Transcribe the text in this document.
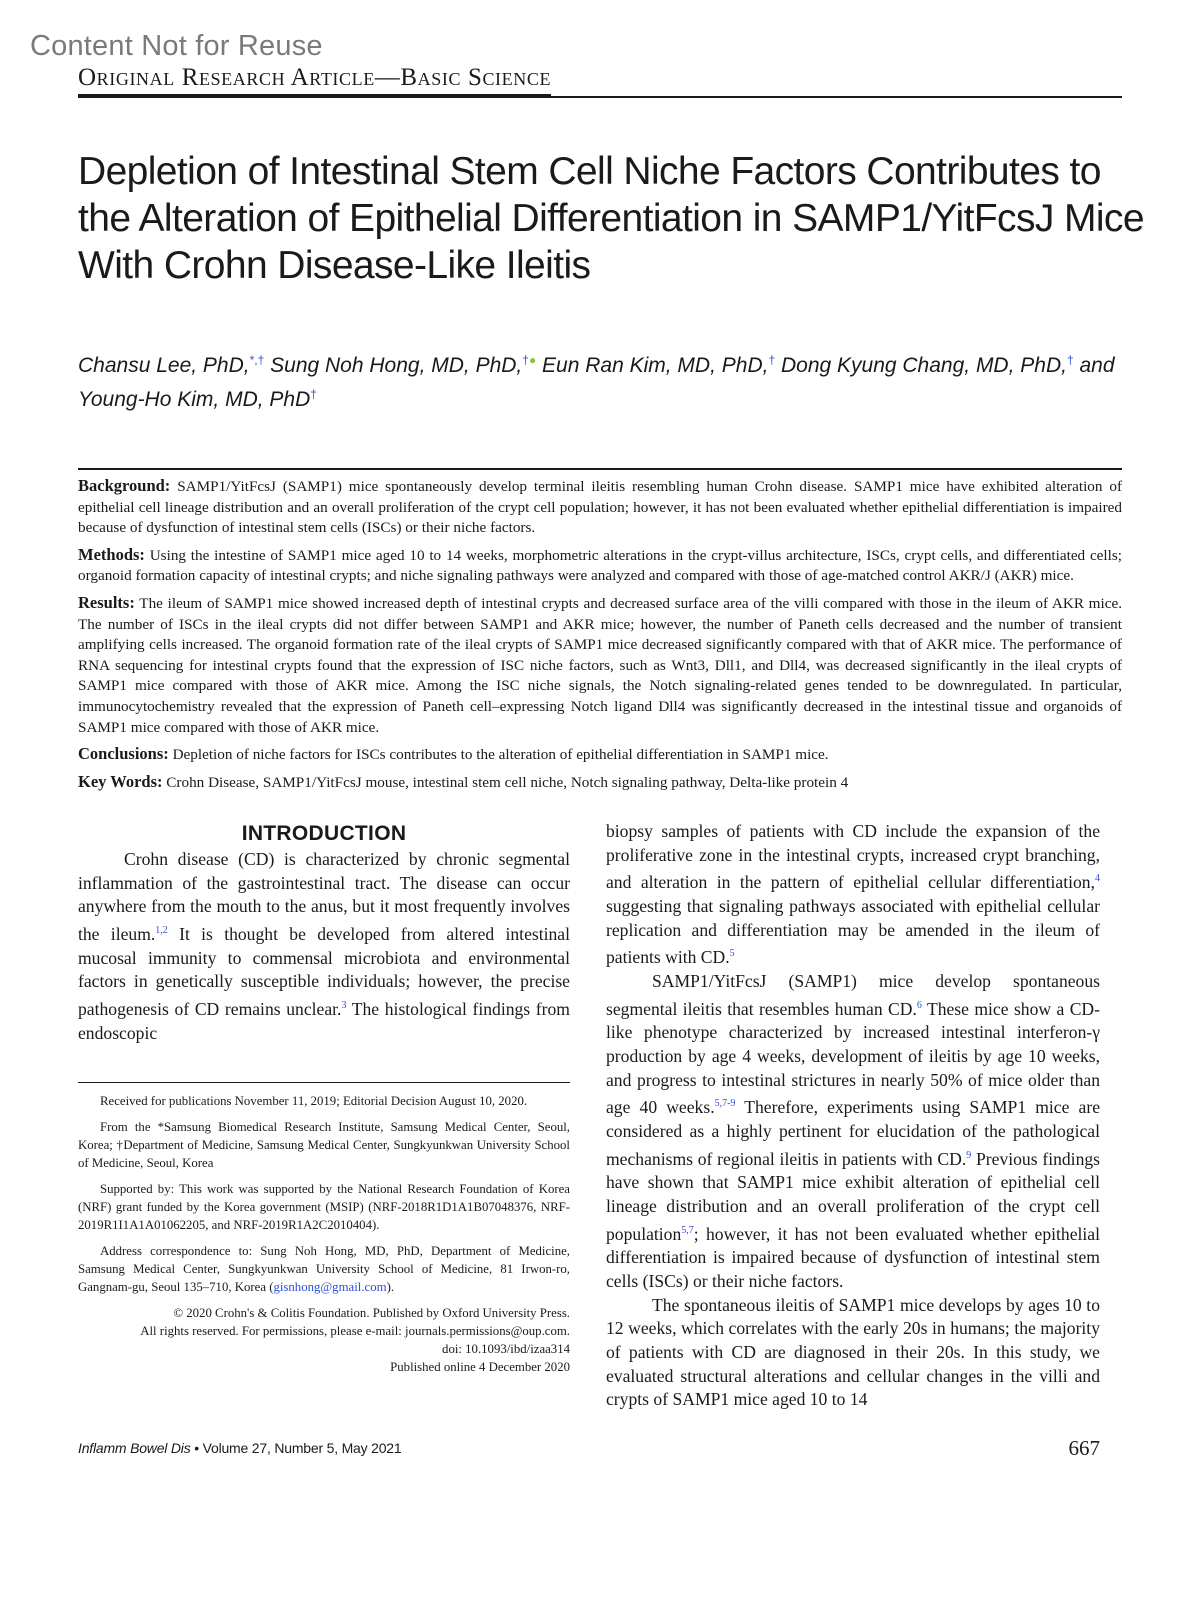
Content Not for Reuse
Original Research Article—Basic Science
Depletion of Intestinal Stem Cell Niche Factors Contributes to
the Alteration of Epithelial Differentiation in SAMP1/YitFcsJ Mice
With Crohn Disease-Like Ileitis
Chansu Lee, PhD,*,† Sung Noh Hong, MD, PhD,†● Eun Ran Kim, MD, PhD,† Dong Kyung Chang, MD, PhD,† and
Young-Ho Kim, MD, PhD†

Background: SAMP1/YitFcsJ (SAMP1) mice spontaneously develop terminal ileitis resembling human Crohn disease. SAMP1 mice have exhibited alteration of epithelial cell lineage distribution and an overall proliferation of the crypt cell population; however, it has not been evaluated whether epithelial differentiation is impaired because of dysfunction of intestinal stem cells (ISCs) or their niche factors.

Methods: Using the intestine of SAMP1 mice aged 10 to 14 weeks, morphometric alterations in the crypt-villus architecture, ISCs, crypt cells, and differentiated cells; organoid formation capacity of intestinal crypts; and niche signaling pathways were analyzed and compared with those of age-matched control AKR/J (AKR) mice.

Results: The ileum of SAMP1 mice showed increased depth of intestinal crypts and decreased surface area of the villi compared with those in the ileum of AKR mice. The number of ISCs in the ileal crypts did not differ between SAMP1 and AKR mice; however, the number of Paneth cells decreased and the number of transient amplifying cells increased. The organoid formation rate of the ileal crypts of SAMP1 mice decreased significantly compared with that of AKR mice. The performance of RNA sequencing for intestinal crypts found that the expression of ISC niche factors, such as Wnt3, Dll1, and Dll4, was decreased significantly in the ileal crypts of SAMP1 mice compared with those of AKR mice. Among the ISC niche signals, the Notch signaling-related genes tended to be downregulated. In particular, immunocytochemistry revealed that the expression of Paneth cell–expressing Notch ligand Dll4 was significantly decreased in the intestinal tissue and organoids of SAMP1 mice compared with those of AKR mice.

Conclusions: Depletion of niche factors for ISCs contributes to the alteration of epithelial differentiation in SAMP1 mice.

Key Words: Crohn Disease, SAMP1/YitFcsJ mouse, intestinal stem cell niche, Notch signaling pathway, Delta-like protein 4

INTRODUCTION

Crohn disease (CD) is characterized by chronic segmental inflammation of the gastrointestinal tract. The disease can occur anywhere from the mouth to the anus, but it most frequently involves the ileum.$^{1,2}$ It is thought be developed from altered intestinal mucosal immunity to commensal microbiota and environmental factors in genetically susceptible individuals; however, the precise pathogenesis of CD remains unclear.$^3$ The histological findings from endoscopic

Received for publications November 11, 2019; Editorial Decision August 10, 2020.

From the *Samsung Biomedical Research Institute, Samsung Medical Center, Seoul, Korea; †Department of Medicine, Samsung Medical Center, Sungkyunkwan University School of Medicine, Seoul, Korea

Supported by: This work was supported by the National Research Foundation of Korea (NRF) grant funded by the Korea government (MSIP) (NRF-2018R1D1A1B07048376, NRF-2019R1I1A1A01062205, and NRF-2019R1A2C2010404).

Address correspondence to: Sung Noh Hong, MD, PhD, Department of Medicine, Samsung Medical Center, Sungkyunkwan University School of Medicine, 81 Irwon-ro, Gangnam-gu, Seoul 135–710, Korea (gisnhong@gmail.com).

© 2020 Crohn's & Colitis Foundation. Published by Oxford University Press.

All rights reserved. For permissions, please e-mail: journals.permissions@oup.com.

doi: 10.1093/ibd/izaa314

Published online 4 December 2020

biopsy samples of patients with CD include the expansion of the proliferative zone in the intestinal crypts, increased crypt branching, and alteration in the pattern of epithelial cellular differentiation,$^4$ suggesting that signaling pathways associated with epithelial cellular replication and differentiation may be amended in the ileum of patients with CD.$^5$

SAMP1/YitFcsJ (SAMP1) mice develop spontaneous segmental ileitis that resembles human CD.$^6$ These mice show a CD-like phenotype characterized by increased intestinal interferon-γ production by age 4 weeks, development of ileitis by age 10 weeks, and progress to intestinal strictures in nearly 50% of mice older than age 40 weeks.$^{5,7-9}$ Therefore, experiments using SAMP1 mice are considered as a highly pertinent for elucidation of the pathological mechanisms of regional ileitis in patients with CD.$^9$ Previous findings have shown that SAMP1 mice exhibit alteration of epithelial cell lineage distribution and an overall proliferation of the crypt cell population$^{5,7}$; however, it has not been evaluated whether epithelial differentiation is impaired because of dysfunction of intestinal stem cells (ISCs) or their niche factors.

The spontaneous ileitis of SAMP1 mice develops by ages 10 to 12 weeks, which correlates with the early 20s in humans; the majority of patients with CD are diagnosed in their 20s. In this study, we evaluated structural alterations and cellular changes in the villi and crypts of SAMP1 mice aged 10 to 14

Inflamm Bowel Dis • Volume 27, Number 5, May 2021	667
